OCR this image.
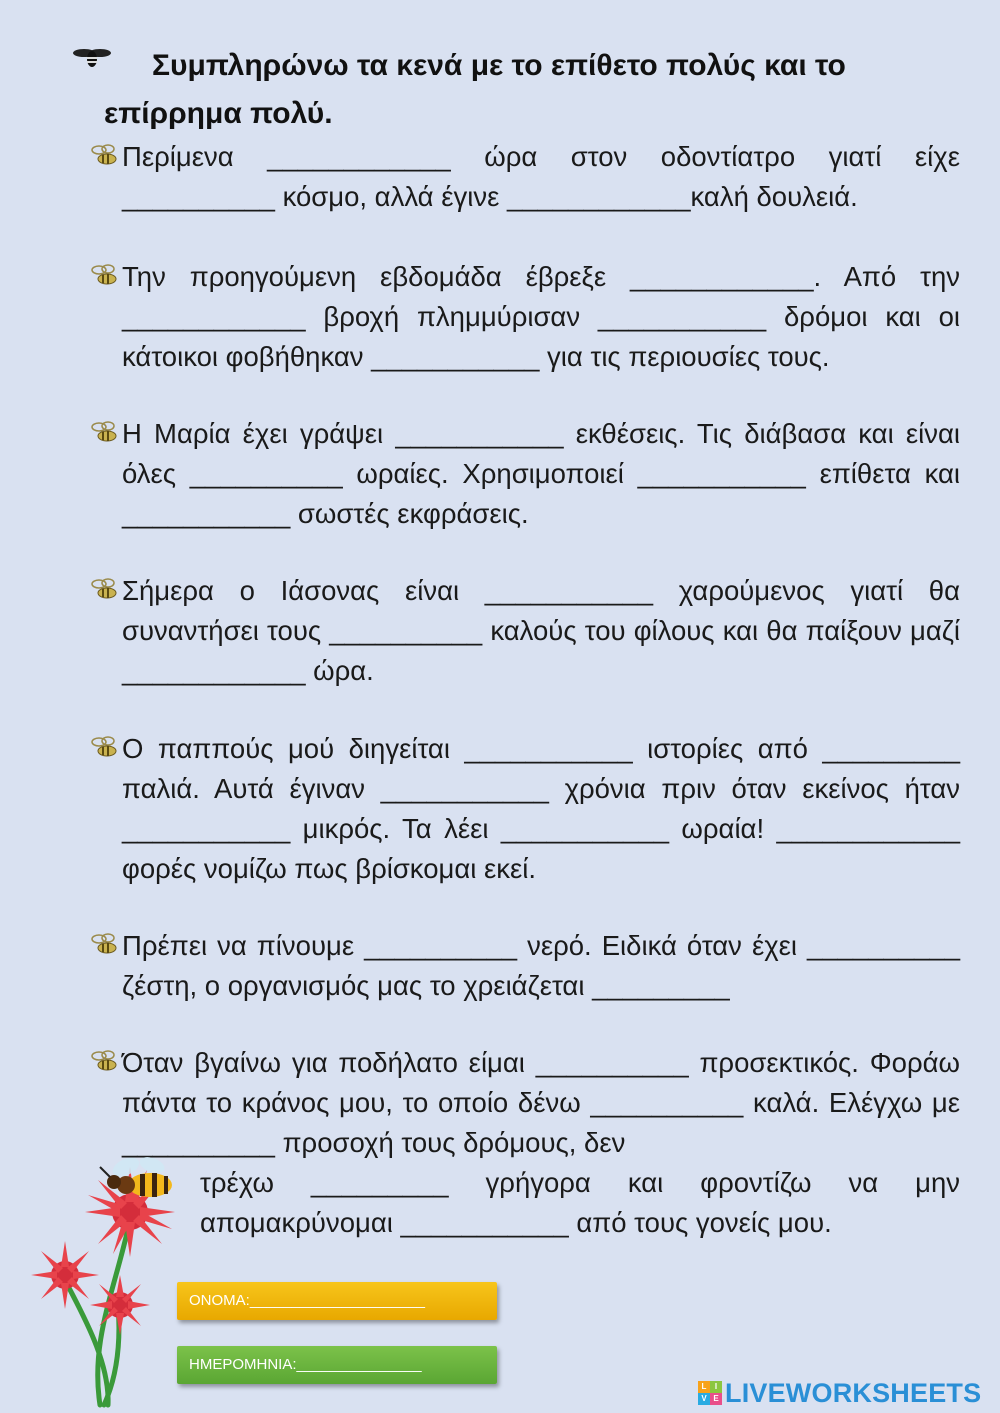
Συμπληρώνω τα κενά με το επίθετο πολύς και το επίρρημα πολύ.
Περίμενα ____________ ώρα στον οδοντίατρο γιατί είχε __________ κόσμο, αλλά έγινε ____________καλή δουλειά.
Την προηγούμενη εβδομάδα έβρεξε ____________. Από την ____________ βροχή πλημμύρισαν ___________ δρόμοι και οι κάτοικοι φοβήθηκαν ___________ για τις περιουσίες τους.
Η Μαρία έχει γράψει ___________ εκθέσεις. Τις διάβασα και είναι όλες __________ ωραίες. Χρησιμοποιεί ___________ επίθετα και ___________ σωστές εκφράσεις.
Σήμερα ο Ιάσονας είναι ___________ χαρούμενος γιατί θα συναντήσει τους __________ καλούς του φίλους και θα παίξουν μαζί ____________ ώρα.
Ο παππούς μού διηγείται ___________ ιστορίες από _________ παλιά. Αυτά έγιναν ___________ χρόνια πριν όταν εκείνος ήταν ___________ μικρός. Τα λέει ___________ ωραία! ____________ φορές νομίζω πως βρίσκομαι εκεί.
Πρέπει να πίνουμε __________ νερό. Ειδικά όταν έχει __________ ζέστη, ο οργανισμός μας το χρειάζεται _________
Όταν βγαίνω για ποδήλατο είμαι __________ προσεκτικός. Φοράω πάντα το κράνος μου, το οποίο δένω __________ καλά. Ελέγχω με __________ προσοχή τους δρόμους, δεν
τρέχω _________ γρήγορα και φροντίζω να μην απομακρύνομαι ___________ από τους γονείς μου.
ΟΝΟΜΑ:_____________________
ΗΜΕΡΟΜΗΝΙΑ:_______________
L	I
V E LIVEWORKSHEETS
